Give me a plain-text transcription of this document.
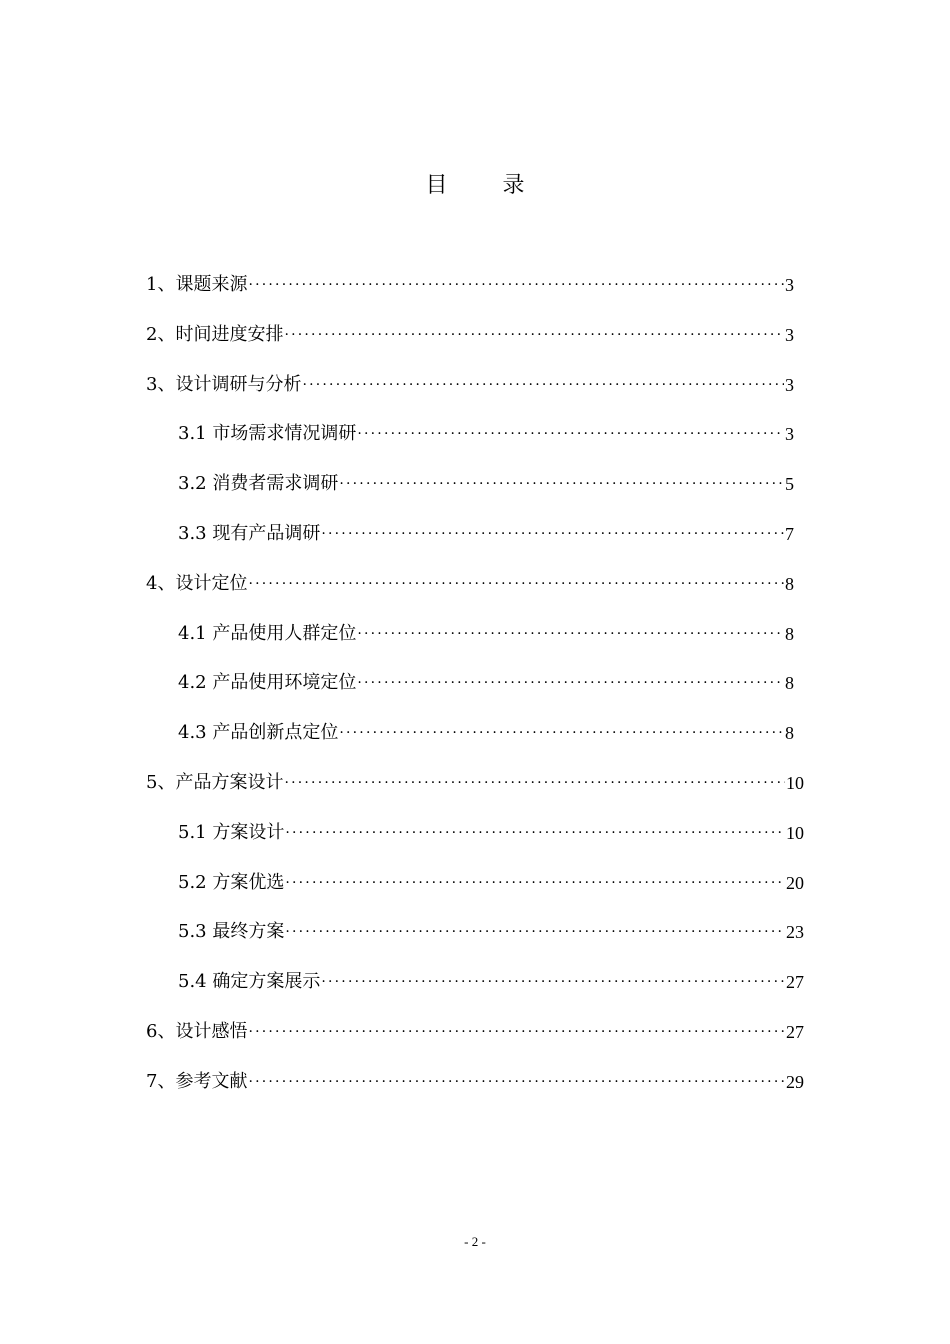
目 录
1、课题来源 ·····	3
2、时间进度安排 ·····	3
3、设计调研与分析 ·····	3
3.1 市场需求情况调研 ·····	3
3.2 消费者需求调研 ·····	5
3.3 现有产品调研 ·····	7
4、设计定位 ·····	8
4.1 产品使用人群定位 ·····	8
4.2 产品使用环境定位 ·····	8
4.3 产品创新点定位 ·····	8
5、产品方案设计 ·····	10
5.1 方案设计 ·····	10
5.2 方案优选 ·····	20
5.3 最终方案 ·····	23
5.4 确定方案展示 ·····	27
6、设计感悟 ·····	27
7、参考文献 ·····	29
- 2 -
